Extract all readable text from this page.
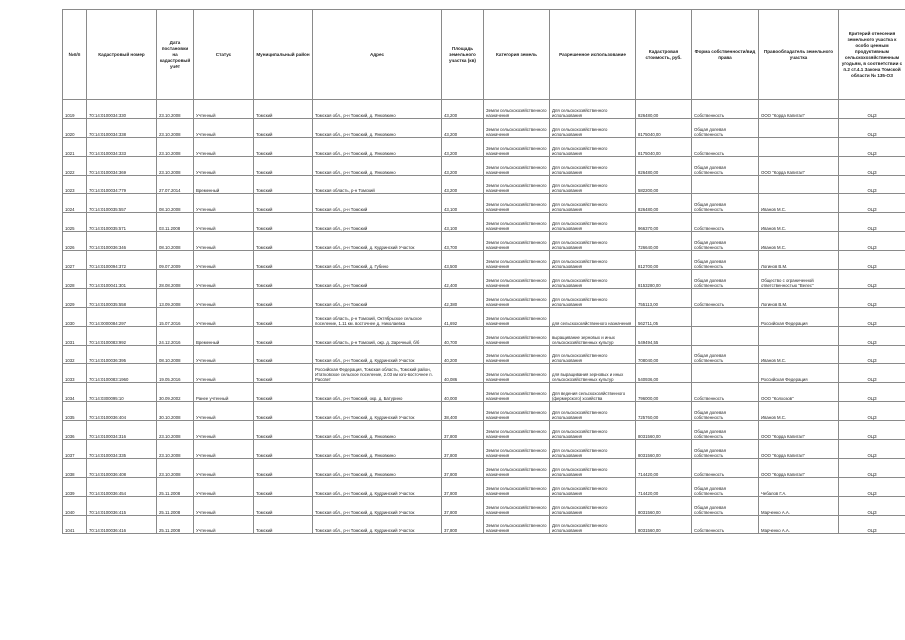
№п/п	Кадастровый номер	Дата постановки на кадастровый учёт	Статус	Муниципальный район	Адрес	Площадь земельного участка (кв)	Категория земель	Разрешенное использование	Кадастровая стоимость, руб.	Форма собственности/вид права	Правообладатель земельного участка	Критерий отнесения земельного участка к особо ценным продуктивным сельскохозяйственным угодьям, в соответствии с п.2 ст.4.1 Закона Томской области № 135-ОЗ
1019	70:14:0100034:330	23.10.2008	Учтенный	Томский	Томская обл., р-н Томский, д. Янковкино	43,200	Земли сельскохозяйственного назначения	Для сельскохозяйственного использования	826480,00	Собственность	ООО "Корда Капитал"	ОЦЗ
1020	70:14:0100034:338	23.10.2008	Учтенный	Томский	Томская обл., р-н Томский, д. Янковкино	43,200	Земли сельскохозяйственного назначения	Для сельскохозяйственного использования	8175040,00	Общая долевая собственность		ОЦЗ
1021	70:14:0100034:333	23.10.2008	Учтенный	Томский	Томская обл., р-н Томский, д. Янковкино	43,200	Земли сельскохозяйственного назначения	Для сельскохозяйственного использования	8175040,00	Собственность		ОЦЗ
1022	70:14:0100034:369	23.10.2008	Учтенный	Томский	Томская обл., р-н Томский, д. Янковкино	43,200	Земли сельскохозяйственного назначения	Для сельскохозяйственного использования	826480,00	Общая долевая собственность	ООО "Корда Капитал"	ОЦЗ
1023	70:14:0100034:779	27.07.2014	Временный	Томский	Томская область, р-н Томский	43,200	Земли сельскохозяйственного назначения	Для сельскохозяйственного использования	582200,00			ОЦЗ
1024	70:14:0100035:557	08.10.2008	Учтенный	Томский	Томская обл., р-н Томский	43,100	Земли сельскохозяйственного назначения	Для сельскохозяйственного использования	826480,00	Общая долевая собственность	Иванов М.С.	ОЦЗ
1025	70:14:0100035:571	03.11.2008	Учтенный	Томский	Томская обл., р-н Томский	43,100	Земли сельскохозяйственного назначения	Для сельскохозяйственного использования	966370,00	Собственность	Иванов М.С.	ОЦЗ
1026	70:14:0100036:346	08.10.2008	Учтенный	Томский	Томская обл., р-н Томский, д. Кудринский Участок	43,700	Земли сельскохозяйственного назначения	Для сельскохозяйственного использования	726640,00	Общая долевая собственность	Иванов М.С.	ОЦЗ
1027	70:14:0100094:372	09.07.2009	Учтенный	Томский	Томская обл., р-н Томский, д. Губино	43,500	Земли сельскохозяйственного назначения	Для сельскохозяйственного использования	812700,00	Общая долевая собственность	Логинов В.М.	ОЦЗ
1028	70:14:0100041:301	28.08.2008	Учтенный	Томский	Томская обл., р-н Томский	42,400	Земли сельскохозяйственного назначения	Для сельскохозяйственного использования	8153280,00	Общая долевая собственность	Общество с ограниченной ответственностью "Велес"	ОЦЗ
1029	70:14:0100035:558	13.09.2008	Учтенный	Томский	Томская обл., р-н Томский	42,380	Земли сельскохозяйственного назначения	Для сельскохозяйственного использования	755113,00	Собственность	Логинов В.М.	ОЦЗ
1030	70:14:0000084:297	15.07.2016	Учтенный	Томский	Томская область, р-н Томский, Октябрьское сельское поселение, 1.11 км. восточнее д. Николаевка	41,692	Земли сельскохозяйственного назначения	для сельскохозяйственного назначения	562711,05		Российская Федерация	ОЦЗ
1031	70:14:0100083:992	24.12.2016	Временный	Томский	Томская область, р-н Томский, окр. д. Заречный, б/б	40,700	Земли сельскохозяйственного назначения	выращивание зерновых и иных сельскохозяйственных культур	549494,55			ОЦЗ
1032	70:14:0100036:395	08.10.2008	Учтенный	Томский	Томская обл., р-н Томский, д. Кудринский Участок	40,200	Земли сельскохозяйственного назначения	Для сельскохозяйственного использования	708040,00	Общая долевая собственность	Иванов М.С.	ОЦЗ
1033	70:14:0100083:1960	19.05.2016	Учтенный	Томский	Российская Федерация, Томская область, Томский район, Итатковское сельское поселение, 2.03 км юго-восточнее п. Рассвет	40,086	Земли сельскохозяйственного назначения	для выращивания зерновых и иных сельскохозяйственных культур	540936,00		Российская Федерация	ОЦЗ
1034	70:14:0300095:10	30.09.2002	Ранее учтенный	Томский	Томская обл., р-н Томский, окр. д. Батурино	40,000	Земли сельскохозяйственного назначения	Для ведения сельскохозяйственного (фермерского) хозяйства	796000,00	Собственность	ООО "Колхозов"	ОЦЗ
1035	70:14:0100036:404	30.10.2008	Учтенный	Томский	Томская обл., р-н Томский, д. Кудринский Участок	38,400	Земли сельскохозяйственного назначения	Для сельскохозяйственного использования	725760,00	Общая долевая собственность	Иванов М.С.	ОЦЗ
1036	70:14:0100034:316	23.10.2008	Учтенный	Томский	Томская обл., р-н Томский, д. Янковкино	37,800	Земли сельскохозяйственного назначения	Для сельскохозяйственного использования	8031560,00	Общая долевая собственность	ООО "Корда Капитал"	ОЦЗ
1037	70:14:0100034:335	23.10.2008	Учтенный	Томский	Томская обл., р-н Томский, д. Янковкино	37,800	Земли сельскохозяйственного назначения	Для сельскохозяйственного использования	8031560,00	Общая долевая собственность	ООО "Корда Капитал"	ОЦЗ
1038	70:14:0100036:408	23.10.2008	Учтенный	Томский	Томская обл., р-н Томский, д. Янковкино	37,800	Земли сельскохозяйственного назначения	Для сельскохозяйственного использования	714420,00	Собственность	ООО "Корда Капитал"	ОЦЗ
1039	70:14:0100036:454	25.11.2008	Учтенный	Томский	Томская обл., р-н Томский, д. Кудринский Участок	37,800	Земли сельскохозяйственного назначения	Для сельскохозяйственного использования	714420,00	Общая долевая собственность	Чебалов Г.А.	ОЦЗ
1040	70:14:0100036:415	25.11.2008	Учтенный	Томский	Томская обл., р-н Томский, д. Кудринский Участок	37,800	Земли сельскохозяйственного назначения	Для сельскохозяйственного использования	8031560,00	Общая долевая собственность	Марченко А.А.	ОЦЗ
1041	70:14:0100036:416	25.11.2008	Учтенный	Томский	Томская обл., р-н Томский, д. Кудринский Участок	37,800	Земли сельскохозяйственного назначения	Для сельскохозяйственного использования	8031560,00	Собственность	Марченко А.А.	ОЦЗ
